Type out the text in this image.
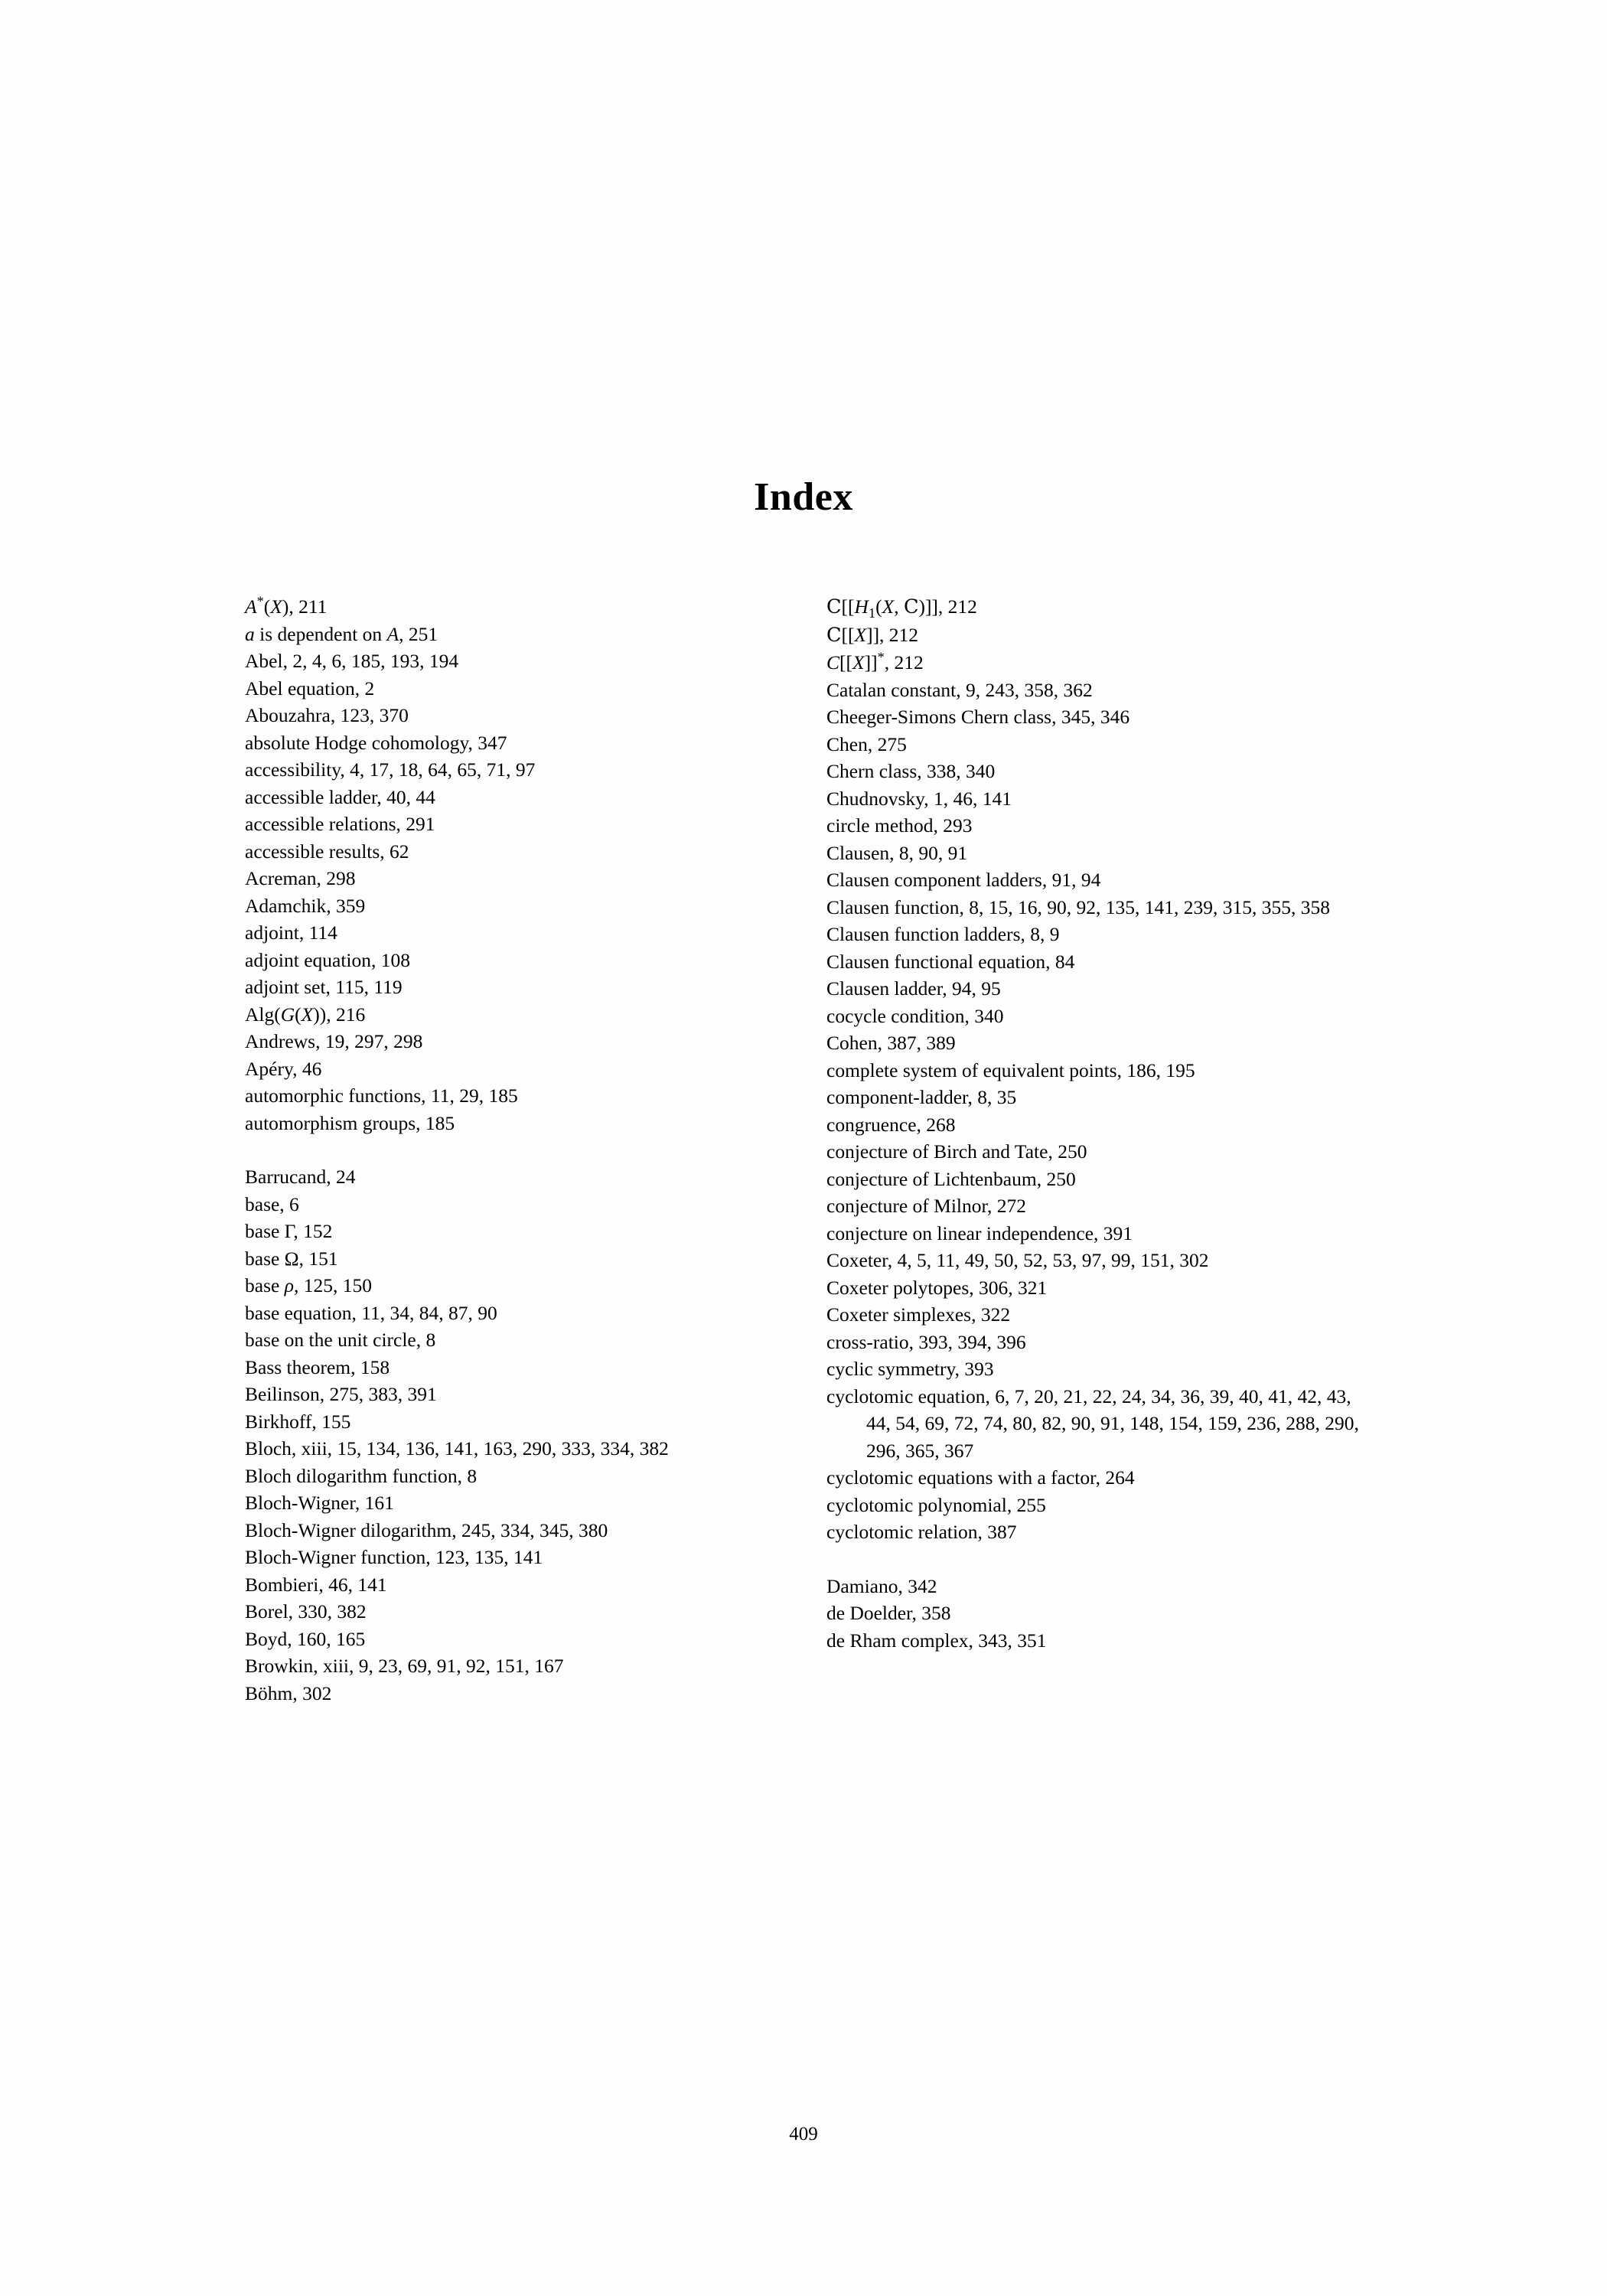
Index
A*(X), 211
a is dependent on A, 251
Abel, 2, 4, 6, 185, 193, 194
Abel equation, 2
Abouzahra, 123, 370
absolute Hodge cohomology, 347
accessibility, 4, 17, 18, 64, 65, 71, 97
accessible ladder, 40, 44
accessible relations, 291
accessible results, 62
Acreman, 298
Adamchik, 359
adjoint, 114
adjoint equation, 108
adjoint set, 115, 119
Alg(G(X)), 216
Andrews, 19, 297, 298
Apéry, 46
automorphic functions, 11, 29, 185
automorphism groups, 185
Barrucand, 24
base, 6
base Γ, 152
base Ω, 151
base ρ, 125, 150
base equation, 11, 34, 84, 87, 90
base on the unit circle, 8
Bass theorem, 158
Beilinson, 275, 383, 391
Birkhoff, 155
Bloch, xiii, 15, 134, 136, 141, 163, 290, 333, 334, 382
Bloch dilogarithm function, 8
Bloch-Wigner, 161
Bloch-Wigner dilogarithm, 245, 334, 345, 380
Bloch-Wigner function, 123, 135, 141
Bombieri, 46, 141
Borel, 330, 382
Boyd, 160, 165
Browkin, xiii, 9, 23, 69, 91, 92, 151, 167
Böhm, 302
$C[[H_1(X$, C)]], 212
C[[X]], 212
C[[X]]*, 212
Catalan constant, 9, 243, 358, 362
Cheeger-Simons Chern class, 345, 346
Chen, 275
Chern class, 338, 340
Chudnovsky, 1, 46, 141
circle method, 293
Clausen, 8, 90, 91
Clausen component ladders, 91, 94
Clausen function, 8, 15, 16, 90, 92, 135, 141, 239, 315, 355, 358
Clausen function ladders, 8, 9
Clausen functional equation, 84
Clausen ladder, 94, 95
cocycle condition, 340
Cohen, 387, 389
complete system of equivalent points, 186, 195
component-ladder, 8, 35
congruence, 268
conjecture of Birch and Tate, 250
conjecture of Lichtenbaum, 250
conjecture of Milnor, 272
conjecture on linear independence, 391
Coxeter, 4, 5, 11, 49, 50, 52, 53, 97, 99, 151, 302
Coxeter polytopes, 306, 321
Coxeter simplexes, 322
cross-ratio, 393, 394, 396
cyclic symmetry, 393
cyclotomic equation, 6, 7, 20, 21, 22, 24, 34, 36, 39, 40, 41, 42, 43, 44, 54, 69, 72, 74, 80, 82, 90, 91, 148, 154, 159, 236, 288, 290, 296, 365, 367
cyclotomic equations with a factor, 264
cyclotomic polynomial, 255
cyclotomic relation, 387
Damiano, 342
de Doelder, 358
de Rham complex, 343, 351
409
